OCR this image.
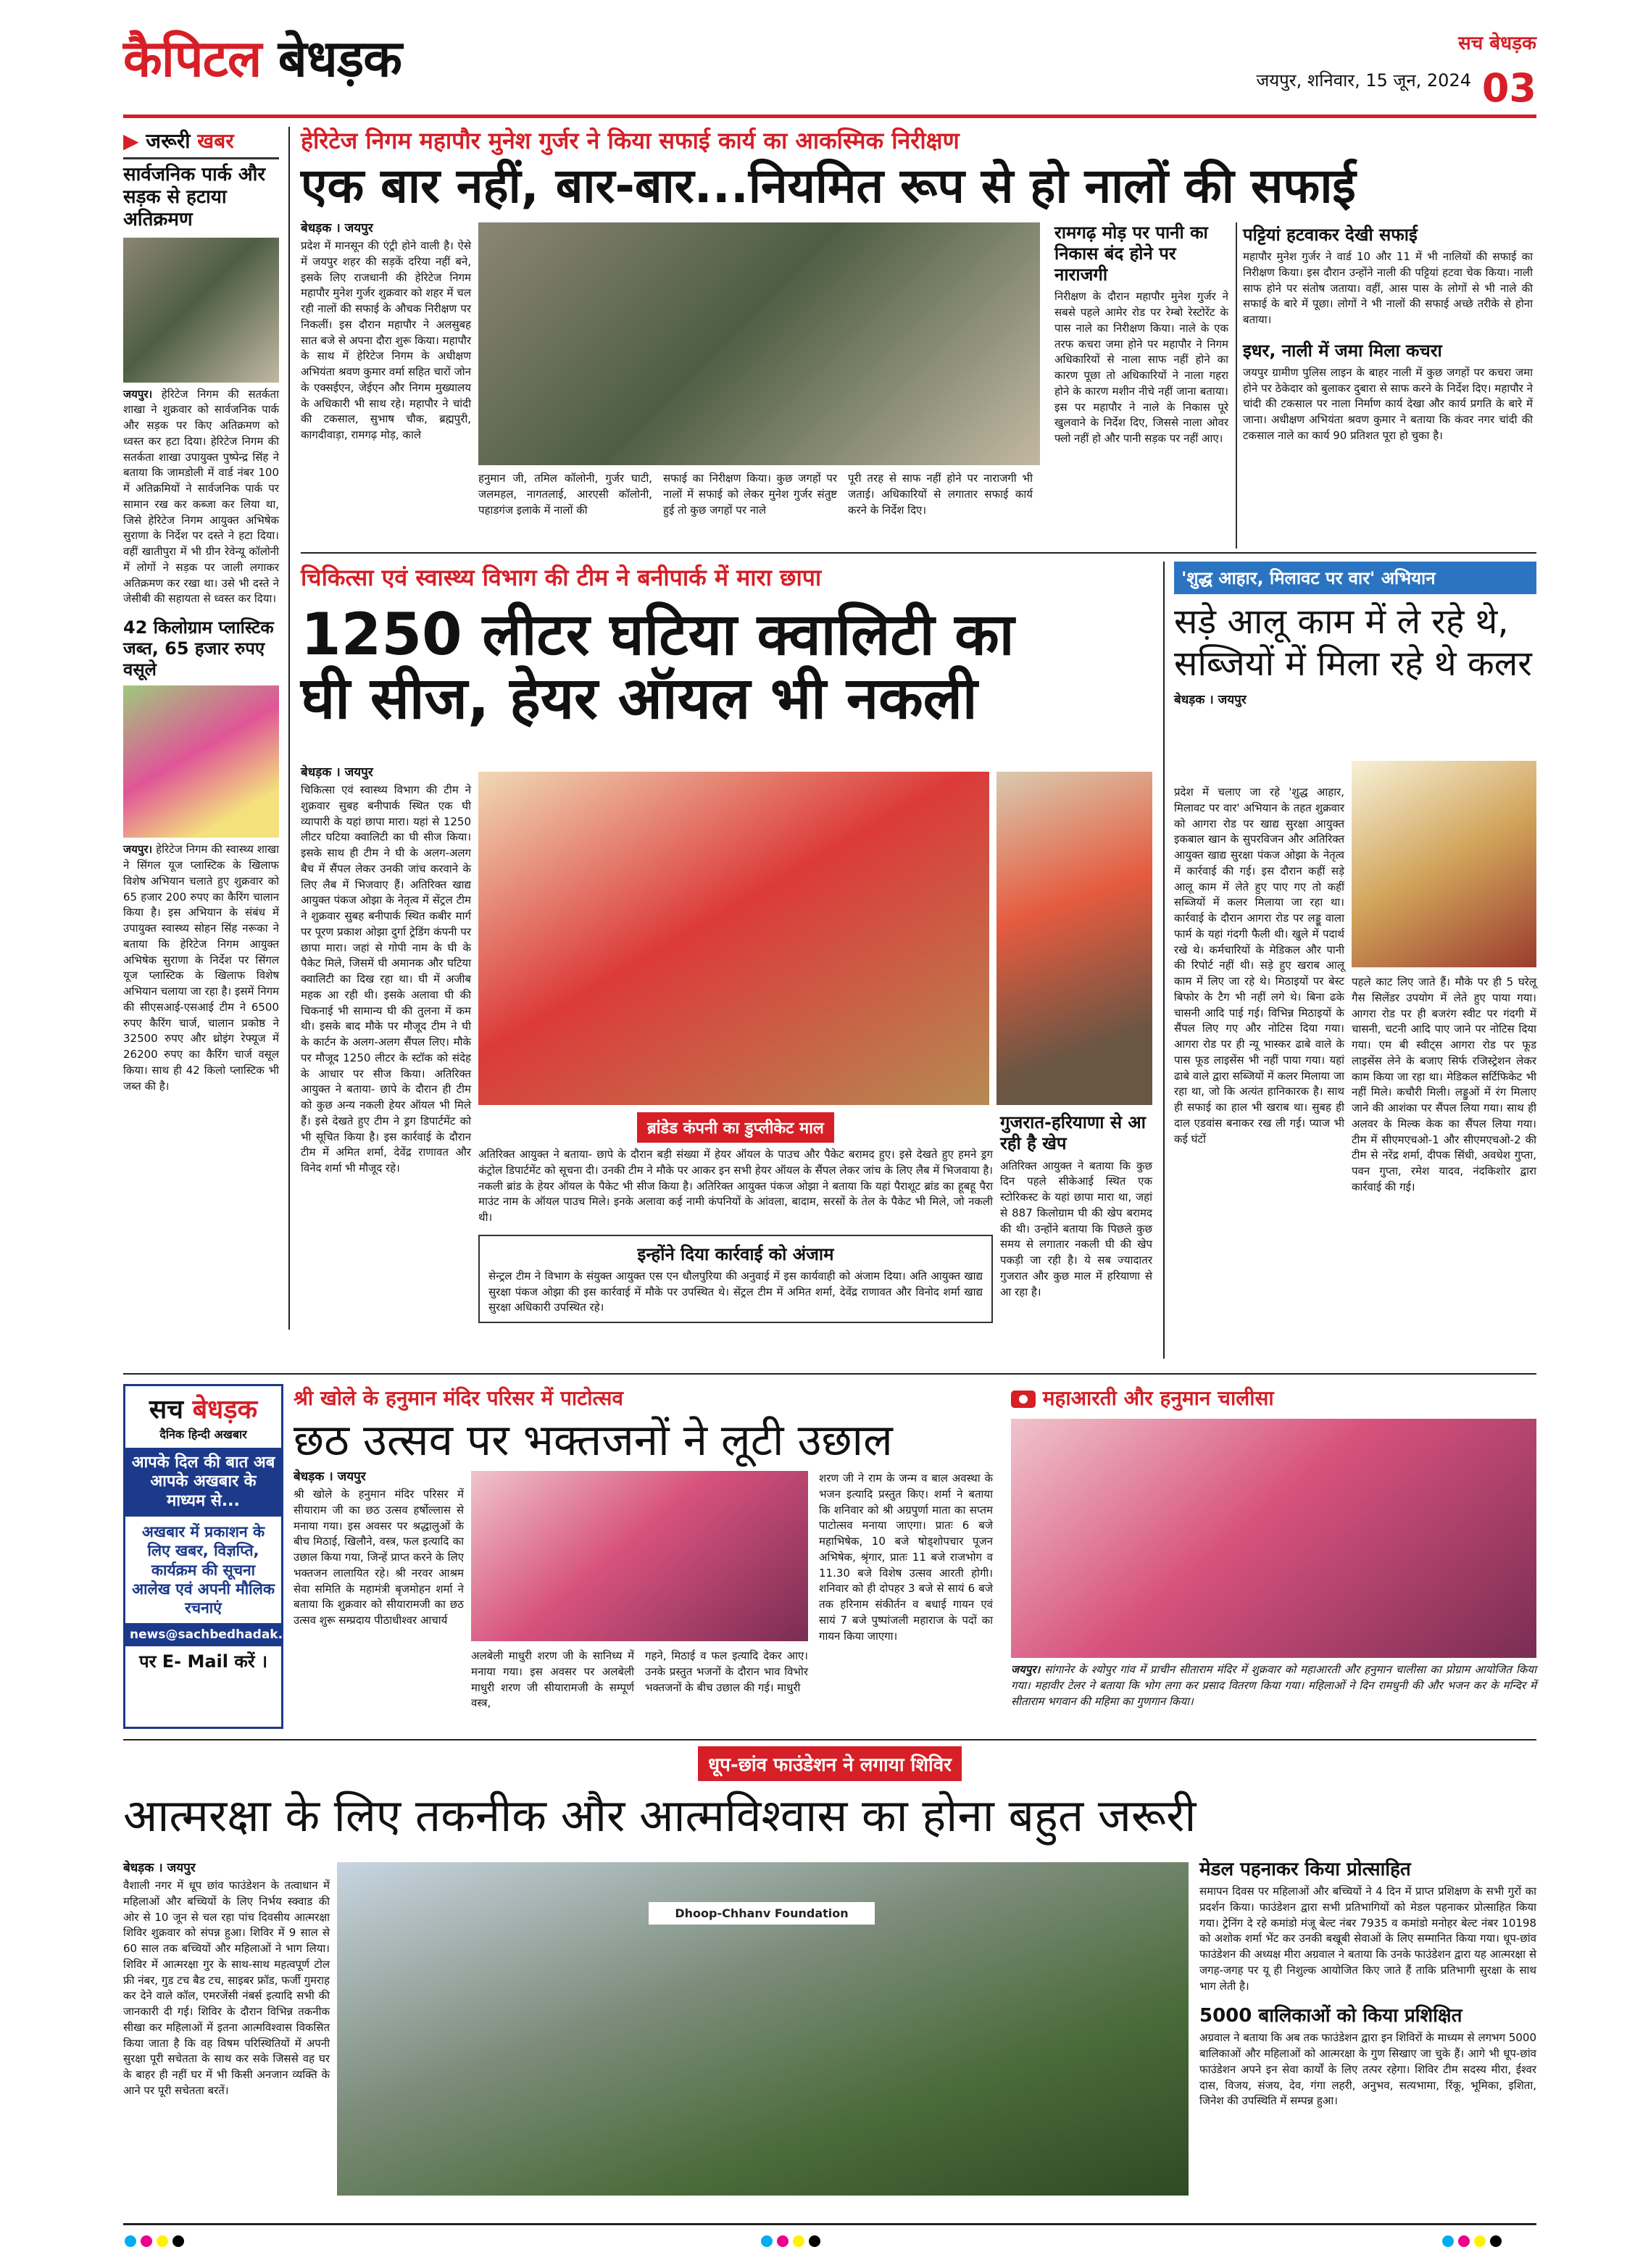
कैपिटल बेधड़क	सच बेधड़क
जयपुर, शनिवार, 15 जून, 2024 03
▶ जरूरी खबर
सार्वजनिक पार्क और सड़क से हटाया अतिक्रमण
जयपुर। हेरिटेज निगम की सतर्कता शाखा ने शुक्रवार को सार्वजनिक पार्क और सड़क पर किए अतिक्रमण को ध्वस्त कर हटा दिया। हेरिटेज निगम की सतर्कता शाखा उपायुक्त पुष्पेन्द्र सिंह ने बताया कि जामडोली में वार्ड नंबर 100 में अतिक्रमियों ने सार्वजनिक पार्क पर सामान रख कर कब्जा कर लिया था, जिसे हेरिटेज निगम आयुक्त अभिषेक सुराणा के निर्देश पर दस्ते ने हटा दिया। वहीं खातीपुरा में भी ग्रीन रेवेन्यू कॉलोनी में लोगों ने सड़क पर जाली लगाकर अतिक्रमण कर रखा था। उसे भी दस्ते ने जेसीबी की सहायता से ध्वस्त कर दिया।
42 किलोग्राम प्लास्टिक जब्त, 65 हजार रुपए वसूले
जयपुर। हेरिटेज निगम की स्वास्थ्य शाखा ने सिंगल यूज प्लास्टिक के खिलाफ विशेष अभियान चलाते हुए शुक्रवार को 65 हजार 200 रुपए का कैरिंग चालान किया है। इस अभियान के संबंध में उपायुक्त स्वास्थ्य सोहन सिंह नरूका ने बताया कि हेरिटेज निगम आयुक्त अभिषेक सुराणा के निर्देश पर सिंगल यूज प्लास्टिक के खिलाफ विशेष अभियान चलाया जा रहा है। इसमें निगम की सीएसआई-एसआई टीम ने 6500 रुपए कैरिंग चार्ज, चालान प्रकोष्ठ ने 32500 रुपए और थ्रोइंग रेफ्यूज में 26200 रुपए का कैरिंग चार्ज वसूल किया। साथ ही 42 किलो प्लास्टिक भी जब्त की है।
हेरिटेज निगम महापौर मुनेश गुर्जर ने किया सफाई कार्य का आकस्मिक निरीक्षण
एक बार नहीं, बार-बार...नियमित रूप से हो नालों की सफाई
बेधड़क । जयपुर
प्रदेश में मानसून की एंट्री होने वाली है। ऐसे में जयपुर शहर की सड़कें दरिया नहीं बने, इसके लिए राजधानी की हेरिटेज निगम महापौर मुनेश गुर्जर शुक्रवार को शहर में चल रही नालों की सफाई के औचक निरीक्षण पर निकलीं। इस दौरान महापौर ने अलसुबह सात बजे से अपना दौरा शुरू किया। महापौर के साथ में हेरिटेज निगम के अधीक्षण अभियंता श्रवण कुमार वर्मा सहित चारों जोन के एक्सईएन, जेईएन और निगम मुख्यालय के अधिकारी भी साथ रहे। महापौर ने चांदी की टकसाल, सुभाष चौक, ब्रह्मपुरी, कागदीवाड़ा, रामगढ़ मोड़, काले
हनुमान जी, तमिल कॉलोनी, गुर्जर घाटी, जलमहल, नागतलाई, आरएसी कॉलोनी, पहाडगंज इलाके में नालों की
सफाई का निरीक्षण किया। कुछ जगहों पर नालों में सफाई को लेकर मुनेश गुर्जर संतुष्ट हुई तो कुछ जगहों पर नाले
पूरी तरह से साफ नहीं होने पर नाराजगी भी जताई। अधिकारियों से लगातार सफाई कार्य करने के निर्देश दिए।
रामगढ़ मोड़ पर पानी का निकास बंद होने पर नाराजगी
निरीक्षण के दौरान महापौर मुनेश गुर्जर ने सबसे पहले आमेर रोड पर रेम्बो रेस्टोरेंट के पास नाले का निरीक्षण किया। नाले के एक तरफ कचरा जमा होने पर महापौर ने निगम अधिकारियों से नाला साफ नहीं होने का कारण पूछा तो अधिकारियों ने नाला गहरा होने के कारण मशीन नीचे नहीं जाना बताया। इस पर महापौर ने नाले के निकास पूरे खुलवाने के निर्देश दिए, जिससे नाला ओवर फ्लो नहीं हो और पानी सड़क पर नहीं आए।
पट्टियां हटवाकर देखी सफाई
महापौर मुनेश गुर्जर ने वार्ड 10 और 11 में भी नालियों की सफाई का निरीक्षण किया। इस दौरान उन्होंने नाली की पट्टियां हटवा चेक किया। नाली साफ होने पर संतोष जताया। वहीं, आस पास के लोगों से भी नाले की सफाई के बारे में पूछा। लोगों ने भी नालों की सफाई अच्छे तरीके से होना बताया।
इधर, नाली में जमा मिला कचरा
जयपुर ग्रामीण पुलिस लाइन के बाहर नाली में कुछ जगहों पर कचरा जमा होने पर ठेकेदार को बुलाकर दुबारा से साफ करने के निर्देश दिए। महापौर ने चांदी की टकसाल पर नाला निर्माण कार्य देखा और कार्य प्रगति के बारे में जाना। अधीक्षण अभियंता श्रवण कुमार ने बताया कि कंवर नगर चांदी की टकसाल नाले का कार्य 90 प्रतिशत पूरा हो चुका है।
चिकित्सा एवं स्वास्थ्य विभाग की टीम ने बनीपार्क में मारा छापा
1250 लीटर घटिया क्वालिटी का
घी सीज, हेयर ऑयल भी नकली
बेधड़क । जयपुर
चिकित्सा एवं स्वास्थ्य विभाग की टीम ने शुक्रवार सुबह बनीपार्क स्थित एक घी व्यापारी के यहां छापा मारा। यहां से 1250 लीटर घटिया क्वालिटी का घी सीज किया। इसके साथ ही टीम ने घी के अलग-अलग बैच में सैंपल लेकर उनकी जांच करवाने के लिए लैब में भिजवाए हैं। अतिरिक्त खाद्य आयुक्त पंकज ओझा के नेतृत्व में सेंट्रल टीम ने शुक्रवार सुबह बनीपार्क स्थित कबीर मार्ग पर पूरण प्रकाश ओझा दुर्गा ट्रेडिंग कंपनी पर छापा मारा। जहां से गोपी नाम के घी के पैकेट मिले, जिसमें घी अमानक और घटिया क्वालिटी का दिख रहा था। घी में अजीब महक आ रही थी। इसके अलावा घी की चिकनाई भी सामान्य घी की तुलना में कम थी। इसके बाद मौके पर मौजूद टीम ने घी के कार्टन के अलग-अलग सैंपल लिए। मौके पर मौजूद 1250 लीटर के स्टॉक को संदेह के आधार पर सीज किया। अतिरिक्त आयुक्त ने बताया- छापे के दौरान ही टीम को कुछ अन्य नकली हेयर ऑयल भी मिले हैं। इसे देखते हुए टीम ने ड्रग डिपार्टमेंट को भी सूचित किया है। इस कार्रवाई के दौरान टीम में अमित शर्मा, देवेंद्र राणावत और विनेद शर्मा भी मौजूद रहे।
ब्रांडेड कंपनी का डुप्लीकेट माल
अतिरिक्त आयुक्त ने बताया- छापे के दौरान बड़ी संख्या में हेयर ऑयल के पाउच और पैकेट बरामद हुए। इसे देखते हुए हमने ड्रग कंट्रोल डिपार्टमेंट को सूचना दी। उनकी टीम ने मौके पर आकर इन सभी हेयर ऑयल के सैंपल लेकर जांच के लिए लैब में भिजवाया है। नकली ब्रांड के हेयर ऑयल के पैकेट भी सीज किया है। अतिरिक्त आयुक्त पंकज ओझा ने बताया कि यहां पैराशूट ब्रांड का हूबहू पैरा माउंट नाम के ऑयल पाउच मिले। इनके अलावा कई नामी कंपनियों के आंवला, बादाम, सरसों के तेल के पैकेट भी मिले, जो नकली थी।
इन्होंने दिया कार्रवाई को अंजाम
सेन्ट्रल टीम ने विभाग के संयुक्त आयुक्त एस एन धौलपुरिया की अनुवाई में इस कार्यवाही को अंजाम दिया। अति आयुक्त खाद्य सुरक्षा पंकज ओझा की इस कार्रवाई में मौके पर उपस्थित थे। सेंट्रल टीम में अमित शर्मा, देवेंद्र राणावत और विनोद शर्मा खाद्य सुरक्षा अधिकारी उपस्थित रहे।
गुजरात-हरियाणा से आ रही है खेप
अतिरिक्त आयुक्त ने बताया कि कुछ दिन पहले सीकेआई स्थित एक स्टोरिकस्ट के यहां छापा मारा था, जहां से 887 किलोग्राम घी की खेप बरामद की थी। उन्होंने बताया कि पिछले कुछ समय से लगातार नकली घी की खेप पकड़ी जा रही है। ये सब ज्यादातर गुजरात और कुछ माल में हरियाणा से आ रहा है।
'शुद्ध आहार, मिलावट पर वार' अभियान
सड़े आलू काम में ले रहे थे, सब्जियों में मिला रहे थे कलर
बेधड़क । जयपुर
प्रदेश में चलाए जा रहे 'शुद्ध आहार, मिलावट पर वार' अभियान के तहत शुक्रवार को आगरा रोड पर खाद्य सुरक्षा आयुक्त इकबाल खान के सुपरविजन और अतिरिक्त आयुक्त खाद्य सुरक्षा पंकज ओझा के नेतृत्व में कार्रवाई की गई। इस दौरान कहीं सड़े आलू काम में लेते हुए पाए गए तो कहीं सब्जियों में कलर मिलाया जा रहा था। कार्रवाई के दौरान आगरा रोड पर लड्डू वाला फार्म के यहां गंदगी फैली थी। खुले में पदार्थ रखे थे। कर्मचारियों के मेडिकल और पानी की रिपोर्ट नहीं थी। सड़े हुए खराब आलू काम में लिए जा रहे थे। मिठाइयों पर बेस्ट बिफोर के टैग भी नहीं लगे थे। बिना ढके चासनी आदि पाई गई। विभिन्न मिठाइयों के सैंपल लिए गए और नोटिस दिया गया। आगरा रोड पर ही न्यू भास्कर ढाबे वाले के पास फूड लाइसेंस भी नहीं पाया गया। यहां ढाबे वाले द्वारा सब्जियों में कलर मिलाया जा रहा था, जो कि अत्यंत हानिकारक है। साथ ही सफाई का हाल भी खराब था। सुबह ही दाल एडवांस बनाकर रख ली गई। प्याज भी कई घंटों
पहले काट लिए जाते हैं। मौके पर ही 5 घरेलू गैस सिलेंडर उपयोग में लेते हुए पाया गया। आगरा रोड पर ही बजरंग स्वीट पर गंदगी में चासनी, चटनी आदि पाए जाने पर नोटिस दिया गया। एम बी स्वीट्स आगरा रोड पर फूड लाइसेंस लेने के बजाए सिर्फ रजिस्ट्रेशन लेकर काम किया जा रहा था। मेडिकल सर्टिफिकेट भी नहीं मिले। कचौरी मिली। लड्डुओं में रंग मिलाए जाने की आशंका पर सैंपल लिया गया। साथ ही अलवर के मिल्क केक का सैंपल लिया गया। टीम में सीएमएचओ-1 और सीएमएचओ-2 की टीम से नरेंद्र शर्मा, दीपक सिंधी, अवधेश गुप्ता, पवन गुप्ता, रमेश यादव, नंदकिशोर द्वारा कार्रवाई की गई।
सच बेधड़क
दैनिक हिन्दी अखबार
आपके दिल की बात अब आपके अखबार के माध्यम से...
अखबार में प्रकाशन के लिए खबर, विज्ञप्ति, कार्यक्रम की सूचना आलेख एवं अपनी मौलिक रचनाएं
news@sachbedhadak.com
पर E- Mail करें ।
श्री खोले के हनुमान मंदिर परिसर में पाटोत्सव
छठ उत्सव पर भक्तजनों ने लूटी उछाल
बेधड़क । जयपुर
श्री खोले के हनुमान मंदिर परिसर में सीयाराम जी का छठ उत्सव हर्षोल्लास से मनाया गया। इस अवसर पर श्रद्धालुओं के बीच मिठाई, खिलौने, वस्त्र, फल इत्यादि का उछाल किया गया, जिन्हें प्राप्त करने के लिए भक्तजन लालायित रहे। श्री नरवर आश्रम सेवा समिति के महामंत्री बृजमोहन शर्मा ने बताया कि शुक्रवार को सीयारामजी का छठ उत्सव शुरू सम्प्रदाय पीठाधीश्वर आचार्य
अलबेली माधुरी शरण जी के सानिध्य में मनाया गया। इस अवसर पर अलबेली माधुरी शरण जी सीयारामजी के सम्पूर्ण वस्त्र,
गहने, मिठाई व फल इत्यादि देकर आए। उनके प्रस्तुत भजनों के दौरान भाव विभोर भक्तजनों के बीच उछाल की गई। माधुरी
शरण जी ने राम के जन्म व बाल अवस्था के भजन इत्यादि प्रस्तुत किए। शर्मा ने बताया कि शनिवार को श्री अग्रपुर्णा माता का सप्तम पाटोत्सव मनाया जाएगा। प्रातः 6 बजे महाभिषेक, 10 बजे षोड्शोपचार पूजन अभिषेक, श्रृंगार, प्रातः 11 बजे राजभोग व 11.30 बजे विशेष उत्सव आरती होगी। शनिवार को ही दोपहर 3 बजे से सायं 6 बजे तक हरिनाम संकीर्तन व बधाई गायन एवं सायं 7 बजे पुष्पांजली महाराज के पदों का गायन किया जाएगा।
महाआरती और हनुमान चालीसा
जयपुर। सांगानेर के श्योपुर गांव में प्राचीन सीताराम मंदिर में शुक्रवार को महाआरती और हनुमान चालीसा का प्रोग्राम आयोजित किया गया। महावीर टेलर ने बताया कि भोग लगा कर प्रसाद वितरण किया गया। महिलाओं ने दिन रामधुनी की और भजन कर के मन्दिर में सीताराम भगवान की महिमा का गुणगान किया।
धूप-छांव फाउंडेशन ने लगाया शिविर
आत्मरक्षा के लिए तकनीक और आत्मविश्वास का होना बहुत जरूरी
बेधड़क । जयपुर
वैशाली नगर में धूप छांव फाउंडेशन के तत्वाधान में महिलाओं और बच्चियों के लिए निर्भय स्क्वाड की ओर से 10 जून से चल रहा पांच दिवसीय आत्मरक्षा शिविर शुक्रवार को संपन्न हुआ। शिविर में 9 साल से 60 साल तक बच्चियों और महिलाओं ने भाग लिया। शिविर में आत्मरक्षा गुर के साथ-साथ महत्वपूर्ण टोल फ्री नंबर, गुड टच बैड टच, साइबर फ्रॉड, फर्जी गुमराह कर देने वाले कॉल, एमरजेंसी नंबर्स इत्यादि सभी की जानकारी दी गई। शिविर के दौरान विभिन्न तकनीक सीखा कर महिलाओं में इतना आत्मविश्वास विकसित किया जाता है कि वह विषम परिस्थितियों में अपनी सुरक्षा पूरी सचेतता के साथ कर सके जिससे वह घर के बाहर ही नहीं घर में भी किसी अनजान व्यक्ति के आने पर पूरी सचेतता बरतें।
Dhoop-Chhanv Foundation
मेडल पहनाकर किया प्रोत्साहित
समापन दिवस पर महिलाओं और बच्चियों ने 4 दिन में प्राप्त प्रशिक्षण के सभी गुरों का प्रदर्शन किया। फाउंडेशन द्वारा सभी प्रतिभागियों को मेडल पहनाकर प्रोत्साहित किया गया। ट्रेनिंग दे रहे कमांडो मंजू बेल्ट नंबर 7935 व कमांडो मनोहर बेल्ट नंबर 10198 को अशोक शर्मा भेंट कर उनकी बखूबी सेवाओं के लिए सम्मानित किया गया। धूप-छांव फाउंडेशन की अध्यक्ष मीरा अग्रवाल ने बताया कि उनके फाउंडेशन द्वारा यह आत्मरक्षा से जगह-जगह पर यू ही निशुल्क आयोजित किए जाते हैं ताकि प्रतिभागी सुरक्षा के साथ भाग लेती है।
5000 बालिकाओं को किया प्रशिक्षित
अग्रवाल ने बताया कि अब तक फाउंडेशन द्वारा इन शिविरों के माध्यम से लगभग 5000 बालिकाओं और महिलाओं को आत्मरक्षा के गुण सिखाए जा चुके हैं। आगे भी धूप-छांव फाउंडेशन अपने इन सेवा कार्यों के लिए तत्पर रहेगा। शिविर टीम सदस्य मीरा, ईश्वर दास, विजय, संजय, देव, गंगा लहरी, अनुभव, सत्यभामा, रिंकू, भूमिका, इशिता, जिनेश की उपस्थिति में सम्पन्न हुआ।
